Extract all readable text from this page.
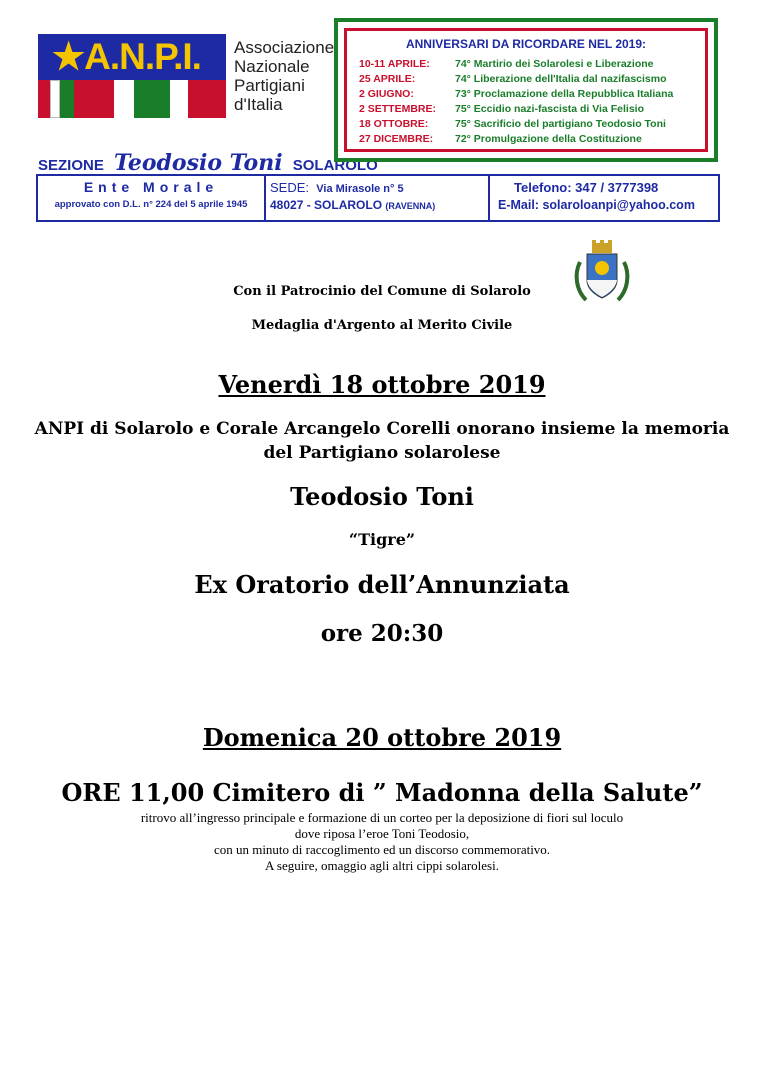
★A.N.P.I. Associazione
Nazionale
Partigiani
d'Italia
SEZIONE Teodosio Toni SOLAROLO
ANNIVERSARI DA RICORDARE NEL 2019:
10-11 APRILE:	74° Martirio dei Solarolesi e Liberazione
25 APRILE:	74° Liberazione dell'Italia dal nazifascismo
2 GIUGNO:	73° Proclamazione della Repubblica Italiana
2 SETTEMBRE:	75° Eccidio nazi-fascista di Via Felisio
18 OTTOBRE:	75° Sacrificio del partigiano Teodosio Toni
27 DICEMBRE:	72° Promulgazione della Costituzione
Ente Morale
approvato con D.L. n° 224 del 5 aprile 1945
SEDE: Via Mirasole n° 5
48027 - SOLAROLO (RAVENNA)
Telefono: 347 / 3777398
E-Mail: solaroloanpi@yahoo.com
Con il Patrocinio del Comune di Solarolo
Medaglia d'Argento al Merito Civile
Venerdì 18 ottobre 2019
ANPI di Solarolo e Corale Arcangelo Corelli onorano insieme la memoria
del Partigiano solarolese
Teodosio Toni
“Tigre”
Ex Oratorio dell’Annunziata
ore 20:30
Domenica 20 ottobre 2019
ORE 11,00 Cimitero di ” Madonna della Salute”
ritrovo all’ingresso principale e formazione di un corteo per la deposizione di fiori sul loculo
dove riposa l’eroe Toni Teodosio,
con un minuto di raccoglimento ed un discorso commemorativo.
A seguire, omaggio agli altri cippi solarolesi.
